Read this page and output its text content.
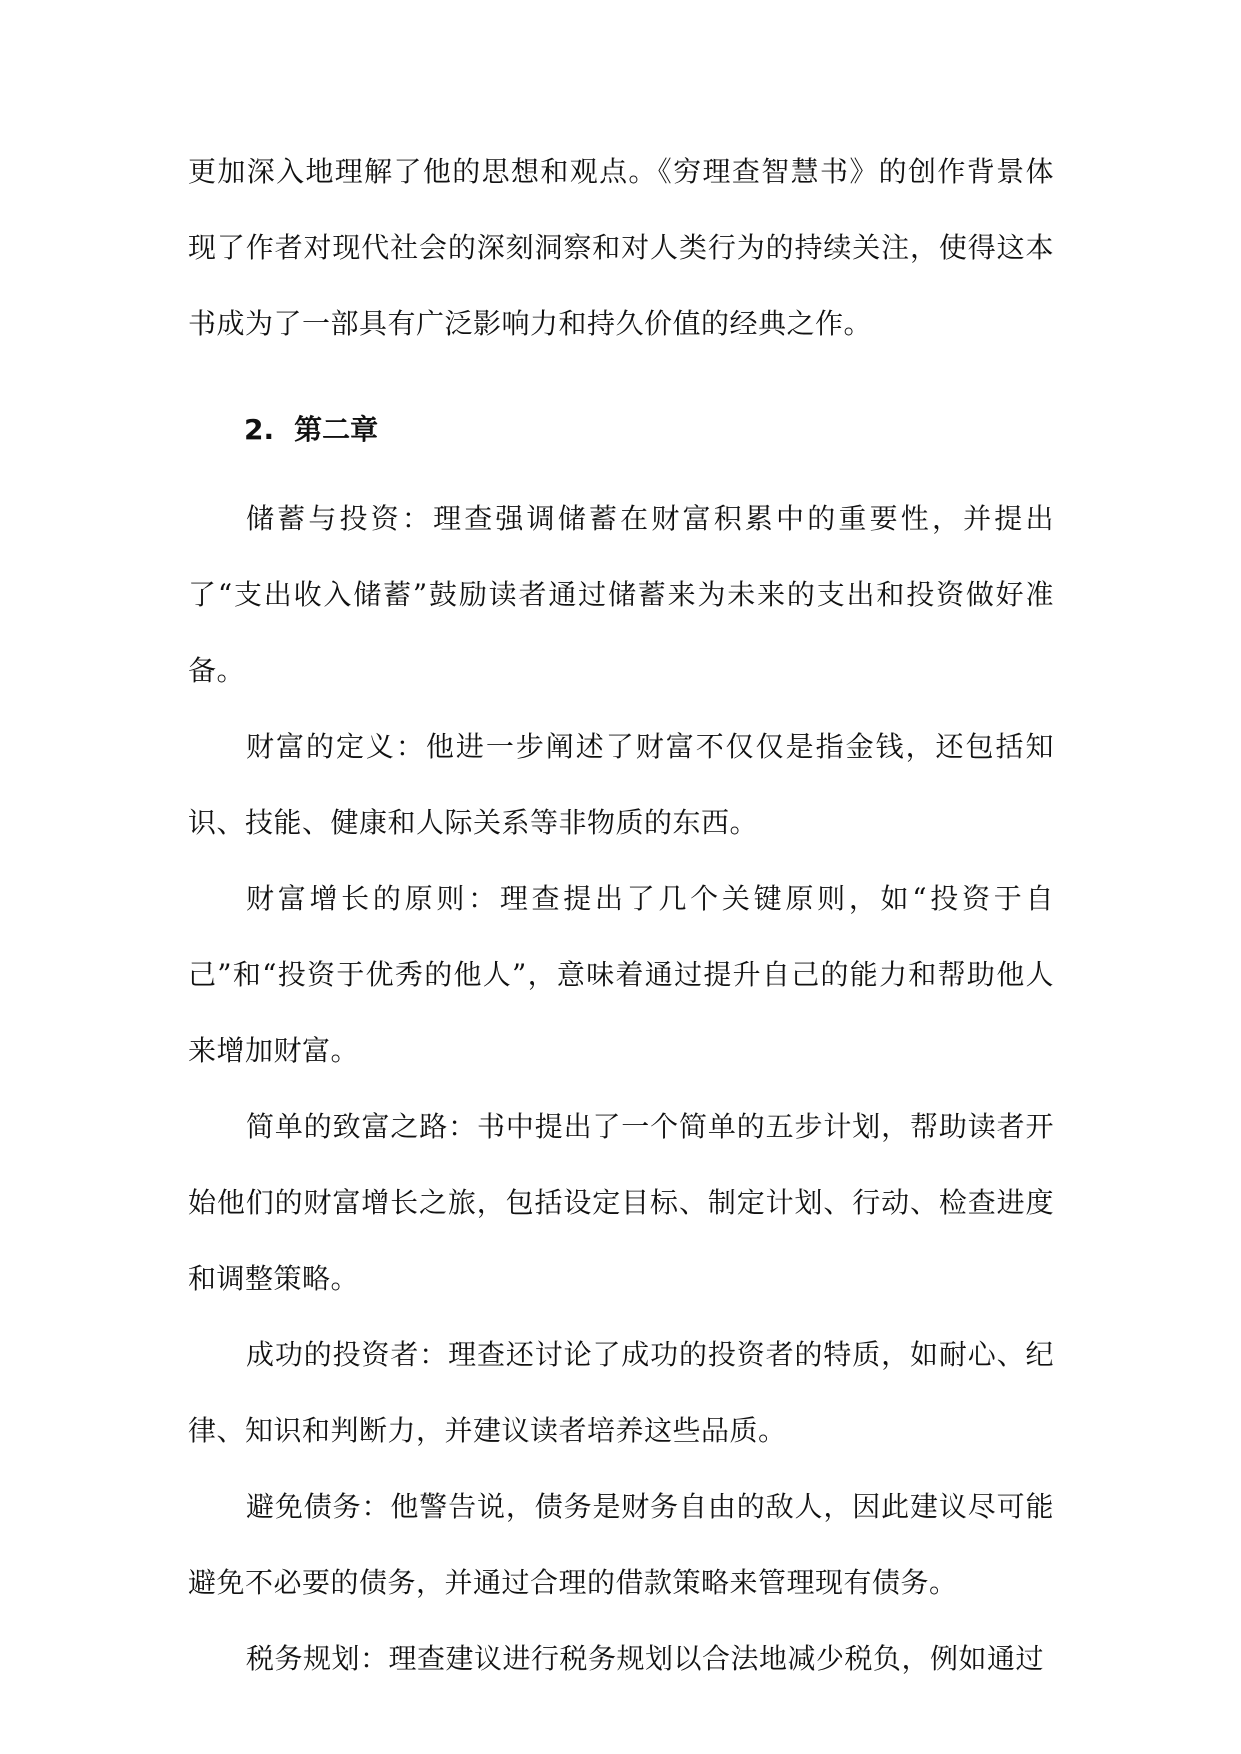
更加深入地理解了他的思想和观点。《穷理查智慧书》的创作背景体现了作者对现代社会的深刻洞察和对人类行为的持续关注，使得这本书成为了一部具有广泛影响力和持久价值的经典之作。

2. 第二章

储蓄与投资：理查强调储蓄在财富积累中的重要性，并提出了“支出收入储蓄”鼓励读者通过储蓄来为未来的支出和投资做好准备。

财富的定义：他进一步阐述了财富不仅仅是指金钱，还包括知识、技能、健康和人际关系等非物质的东西。

财富增长的原则：理查提出了几个关键原则，如“投资于自己”和“投资于优秀的他人”，意味着通过提升自己的能力和帮助他人来增加财富。

简单的致富之路：书中提出了一个简单的五步计划，帮助读者开始他们的财富增长之旅，包括设定目标、制定计划、行动、检查进度和调整策略。

成功的投资者：理查还讨论了成功的投资者的特质，如耐心、纪律、知识和判断力，并建议读者培养这些品质。

避免债务：他警告说，债务是财务自由的敌人，因此建议尽可能避免不必要的债务，并通过合理的借款策略来管理现有债务。

税务规划：理查建议进行税务规划以合法地减少税负，例如通过
